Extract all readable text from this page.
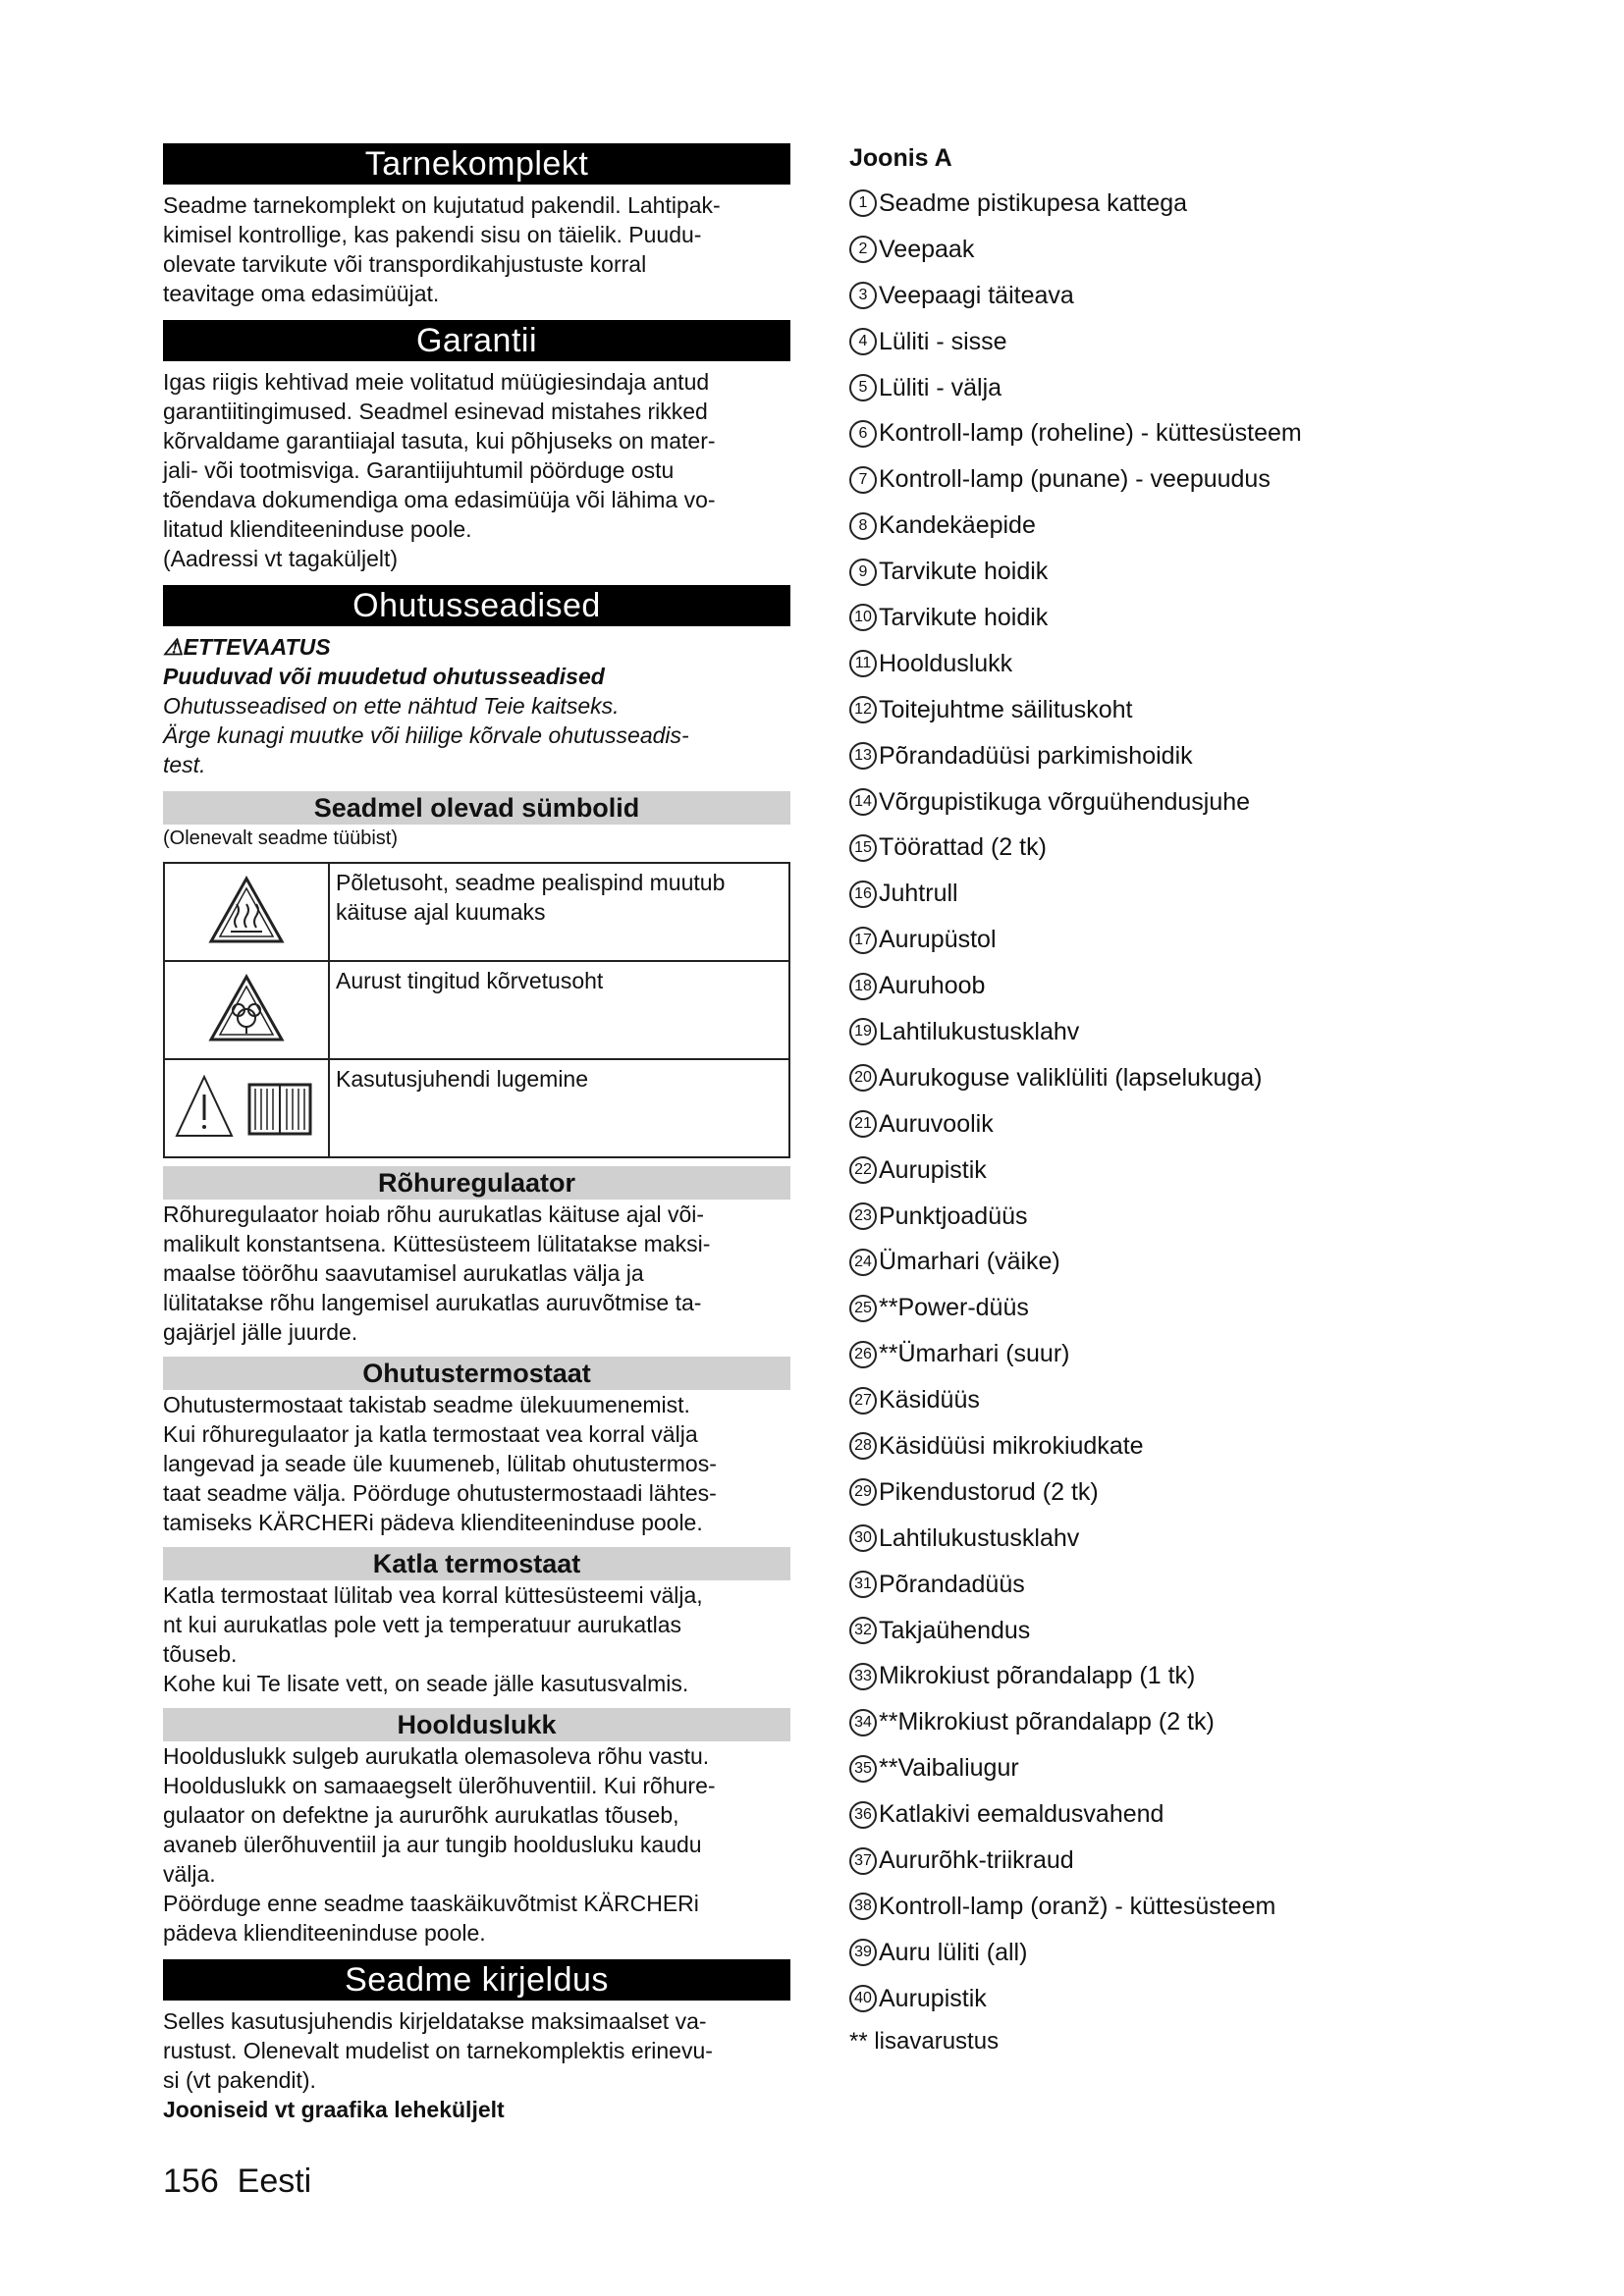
Tarnekomplekt

Seadme tarnekomplekt on kujutatud pakendil. Lahtipak-

kimisel kontrollige, kas pakendi sisu on täielik. Puudu-

olevate tarvikute või transpordikahjustuste korral

teavitage oma edasimüüjat.

Garantii

Igas riigis kehtivad meie volitatud müügiesindaja antud

garantiitingimused. Seadmel esinevad mistahes rikked

kõrvaldame garantiiajal tasuta, kui põhjuseks on mater-

jali- või tootmisviga. Garantiijuhtumil pöörduge ostu

tõendava dokumendiga oma edasimüüja või lähima vo-

litatud klienditeeninduse poole.

(Aadressi vt tagaküljelt)

Ohutusseadised

⚠ETTEVAATUS

Puuduvad või muudetud ohutusseadised

Ohutusseadised on ette nähtud Teie kaitseks.

Ärge kunagi muutke või hiilige kõrvale ohutusseadis-

test.

Seadmel olevad sümbolid

(Olenevalt seadme tüübist)

	Põletusoht, seadme pealispind muutub käituse ajal kuumaks
	Aurust tingitud kõrvetusoht
	Kasutusjuhendi lugemine
Rõhuregulaator

Rõhuregulaator hoiab rõhu aurukatlas käituse ajal või-

malikult konstantsena. Küttesüsteem lülitatakse maksi-

maalse töörõhu saavutamisel aurukatlas välja ja

lülitatakse rõhu langemisel aurukatlas auruvõtmise ta-

gajärjel jälle juurde.

Ohutustermostaat

Ohutustermostaat takistab seadme ülekuumenemist.

Kui rõhuregulaator ja katla termostaat vea korral välja

langevad ja seade üle kuumeneb, lülitab ohutustermos-

taat seadme välja. Pöörduge ohutustermostaadi lähtes-

tamiseks KÄRCHERi pädeva klienditeeninduse poole.

Katla termostaat

Katla termostaat lülitab vea korral küttesüsteemi välja,

nt kui aurukatlas pole vett ja temperatuur aurukatlas

tõuseb.

Kohe kui Te lisate vett, on seade jälle kasutusvalmis.

Hoolduslukk

Hoolduslukk sulgeb aurukatla olemasoleva rõhu vastu.

Hoolduslukk on samaaegselt ülerõhuventiil. Kui rõhure-

gulaator on defektne ja aururõhk aurukatlas tõuseb,

avaneb ülerõhuventiil ja aur tungib hooldusluku kaudu

välja.

Pöörduge enne seadme taaskäikuvõtmist KÄRCHERi

pädeva klienditeeninduse poole.

Seadme kirjeldus

Selles kasutusjuhendis kirjeldatakse maksimaalset va-

rustust. Olenevalt mudelist on tarnekomplektis erinevu-

si (vt pakendit).

Jooniseid vt graafika leheküljelt

Joonis A

1 Seadme pistikupesa kattega
2 Veepaak
3 Veepaagi täiteava
4 Lüliti - sisse
5 Lüliti - välja
6 Kontroll-lamp (roheline) - küttesüsteem
7 Kontroll-lamp (punane) - veepuudus
8 Kandekäepide
9 Tarvikute hoidik
10 Tarvikute hoidik
11 Hoolduslukk
12 Toitejuhtme säilituskoht
13 Põrandadüüsi parkimishoidik
14 Võrgupistikuga võrguühendusjuhe
15 Töörattad (2 tk)
16 Juhtrull
17 Aurupüstol
18 Auruhoob
19 Lahtilukustusklahv
20 Aurukoguse valiklüliti (lapselukuga)
21 Auruvoolik
22 Aurupistik
23 Punktjoadüüs
24 Ümarhari (väike)
25 **Power-düüs
26 **Ümarhari (suur)
27 Käsidüüs
28 Käsidüüsi mikrokiudkate
29 Pikendustorud (2 tk)
30 Lahtilukustusklahv
31 Põrandadüüs
32 Takjaühendus
33 Mikrokiust põrandalapp (1 tk)
34 **Mikrokiust põrandalapp (2 tk)
35 **Vaibaliugur
36 Katlakivi eemaldusvahend
37 Aururõhk-triikraud
38 Kontroll-lamp (oranž) - küttesüsteem
39 Auru lüliti (all)
40 Aurupistik

** lisavarustus

156 Eesti
